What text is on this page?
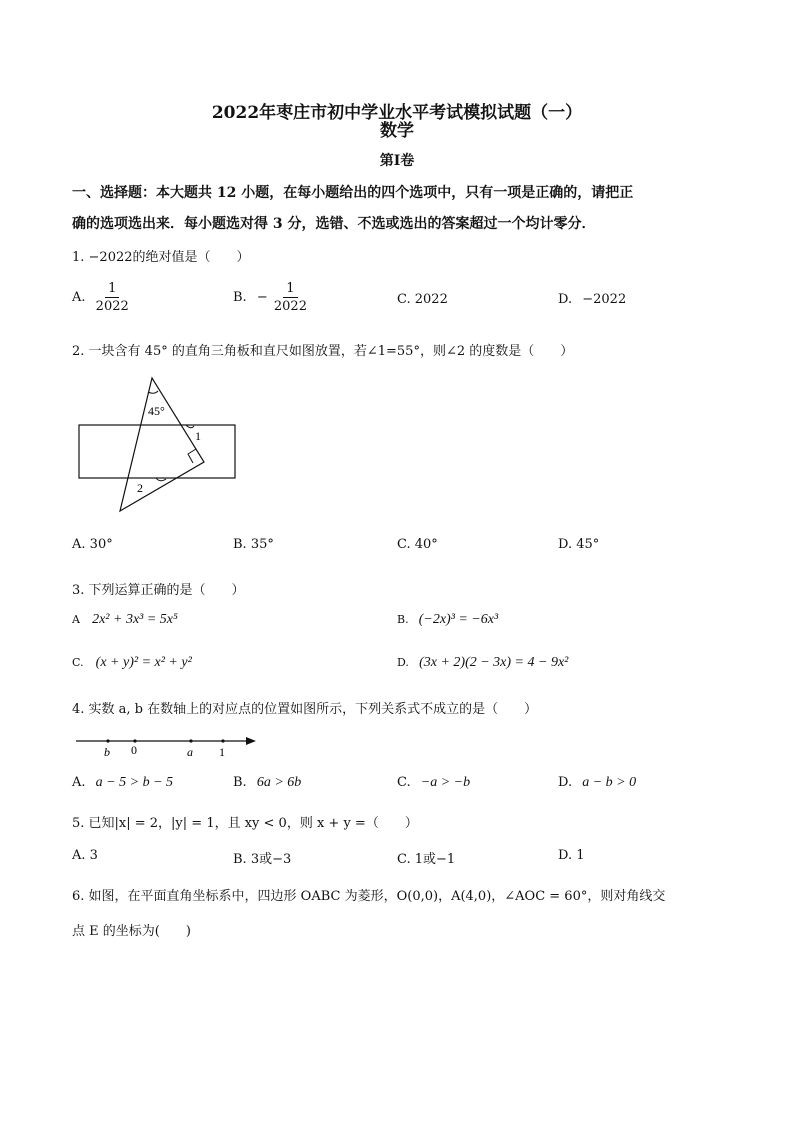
2022年枣庄市初中学业水平考试模拟试题（一）
数学
第Ⅰ卷
一、选择题：本大题共 12 小题，在每小题给出的四个选项中，只有一项是正确的，请把正
确的选项选出来．每小题选对得 3 分，选错、不选或选出的答案超过一个均计零分．
1. −2022的绝对值是（　　）
A. $\frac{1}{2022}$	B. − $\frac{1}{2022}$	C. 2022	D. −2022
2. 一块含有 45° 的直角三角板和直尺如图放置，若∠1=55°，则∠2 的度数是（　　）
45°
1
2
A. 30°	B. 35°	C. 40°	D. 45°
3. 下列运算正确的是（　　）
A 2x² + 3x³ = 5x⁵	B. (−2x)³ = −6x³
C. (x + y)² = x² + y²	D. (3x + 2)(2 − 3x) = 4 − 9x²
4. 实数 a, b 在数轴上的对应点的位置如图所示，下列关系式不成立的是（　　）
b 0	a 1
A. a − 5 > b − 5	B. 6a > 6b	C. −a > −b	D. a − b > 0
5. 已知|x| = 2，|y| = 1，且 xy < 0，则 x + y =（　　）
A. 3	B. 3或−3	C. 1或−1	D. 1
6. 如图，在平面直角坐标系中，四边形 OABC 为菱形，O(0,0)，A(4,0)，∠AOC = 60°，则对角线交
点 E 的坐标为(　　)
